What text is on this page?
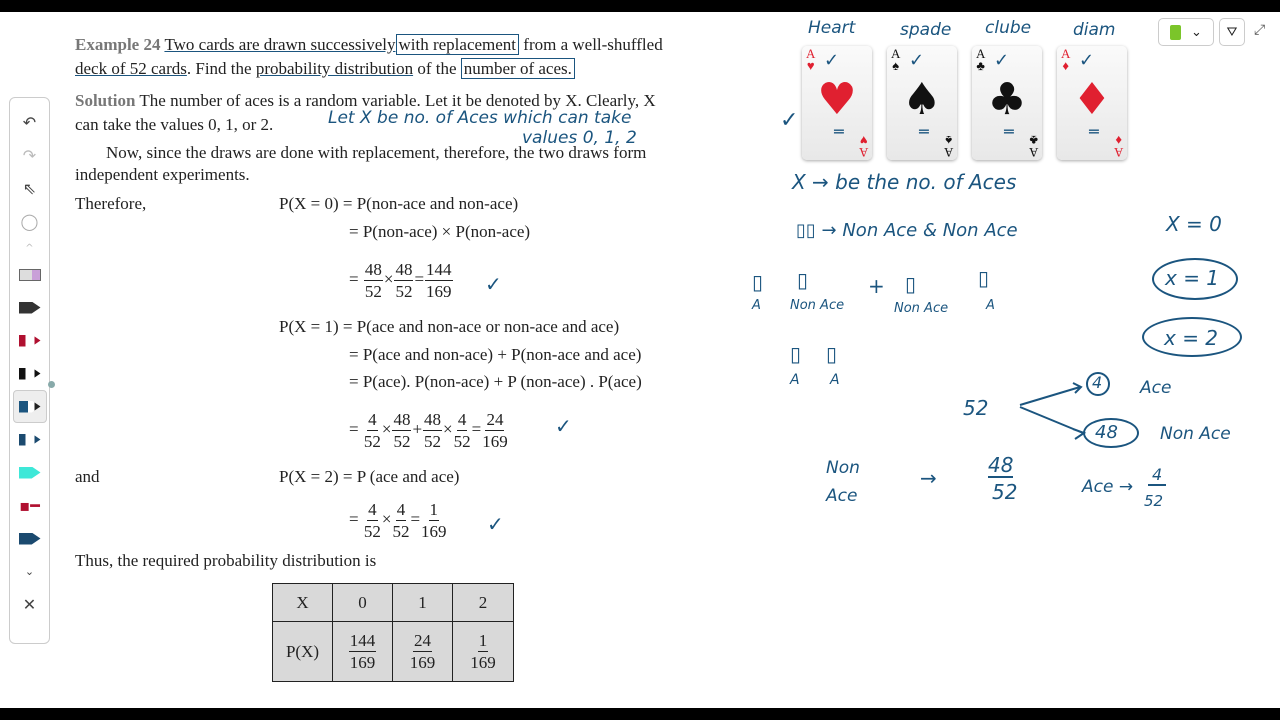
↶
↷
⇖
◯
^
▪━
⌄
✕
⌄ ⛛ ⤢
Example 24 Two cards are drawn successively with replacement from a well-shuffled
deck of 52 cards. Find the probability distribution of the number of aces.
Solution The number of aces is a random variable. Let it be denoted by X. Clearly, X
can take the values 0, 1, or 2.
Now, since the draws are done with replacement, therefore, the two draws form
independent experiments.
Therefore,	P(X = 0) = P(non-ace and non-ace)
= P(non-ace) × P(non-ace)
= $\frac{48}{52} \times \frac{48}{52} = \frac{144}{169}$
P(X = 1) = P(ace and non-ace or non-ace and ace)
= P(ace and non-ace) + P(non-ace and ace)
= P(ace). P(non-ace) + P (non-ace) . P(ace)
= $\frac{4}{52} \times \frac{48}{52} + \frac{48}{52} \times \frac{4}{52} = \frac{24}{169}$
and	P(X = 2) = P (ace and ace)
= $\frac{4}{52} \times \frac{4}{52} = \frac{1}{169}$
Thus, the required probability distribution is
X	0	1	2
P(X)	$\frac{144}{169}$	$\frac{24}{169}$	$\frac{1}{169}$
Let X be no. of Aces which can take
values 0, 1, 2
✓
✓
✓
Heart	spade clube diam
A
♥
♥
A
♥
✓
═
A
♠
♠
A
♠
✓
═
A
♣
♣
A
♣
✓
═
A
♦
♦
A
♦
✓
═
✓
X → be the no. of Aces
▯▯ → Non Ace & Non Ace	X = 0
▯ ▯	▯	▯
A Non Ace
+
Non Ace	A
x = 1
x = 2
▯ ▯
A A
52
4 Ace
48 Non Ace
Non
Ace
→
48
52	Ace →
4
52
